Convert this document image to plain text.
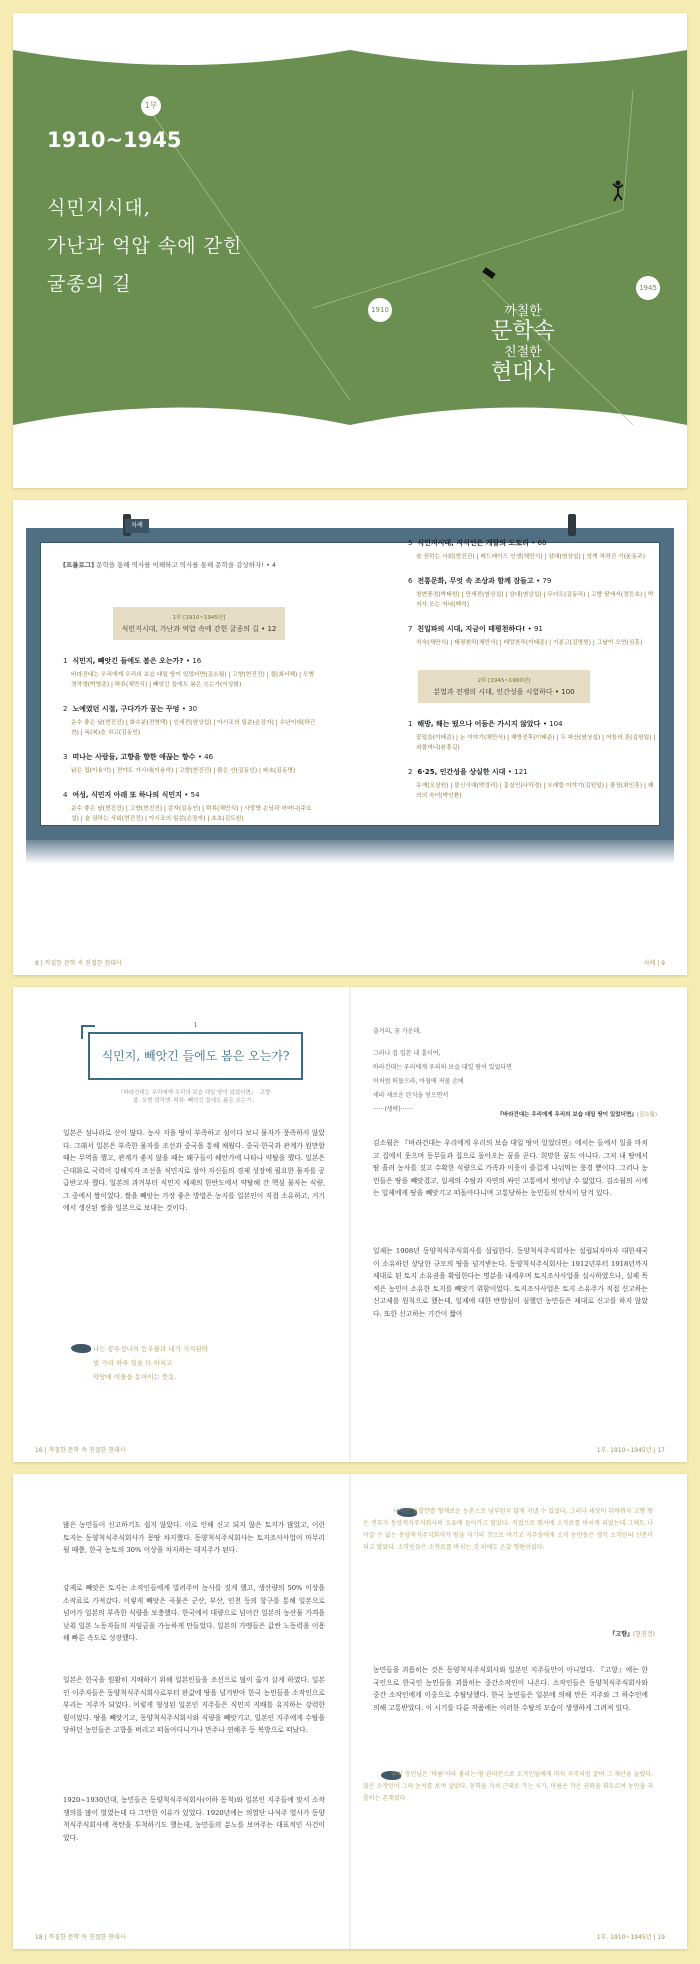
1부
1910~1945
식민지시대,
가난과 억압 속에 갇힌
굴종의 길
1910
1945
까칠한
문학속
친절한
현대사
차례
[프롤로그] 문학을 통해 역사를 이해하고 역사를 통해 문학을 감상하자! • 4
1부 [1910~1945년]
식민지시대, 가난과 억압 속에 갇힌 굴종의 길 • 12
1 식민지, 빼앗긴 들에도 봄은 오는가? • 16
바라건대는 우리에게 우리의 보습 대일 땅이 있었더면(김소월) | 고향(현진건) | 불(최서해) | 모범 경작생(박영준) | 탁류(채만식) | 빼앗긴 들에도 봄은 오는가(이상화)
2 노예였던 시절, 구다가가 꿈는 꾸엉 • 30
운수 좋은 날(현진건) | 화수분(전영택) | 인세전(염상섭) | 아시조의 일쑨(손장자) | 수난이대(하근찬) | 독(복)을 치고(김동인)
3 떠나는 사람들, 고향을 향한 애끊는 향수 • 46
낡은 집(이용악) | 전야도 가시내(이용악) | 고향(현진건) | 붉은 산(김동인) | 파초(김동명)
4 여성, 식민지 아래 또 하나의 식민지 • 54
운수 좋은 날(현진건) | 고향(현진건) | 감자(김동인) | 탁류(채만식) | 사랑방 손님과 어머니(주요섭) | 술 권하는 사회(현진건) | 아시조의 일쑨(손장자) | 초초(김도원)
5 식민지시대, 지식인은 개발의 도토리 • 66
술 권하는 사회(현진건) | 레드메이드 인생(채만식) | 삼대(염상섭) | 성게 차려진 시(윤동주)
6 전통문화, 무엇 속 조상과 함께 잠들고 • 79
천변풍경(박태원) | 만세전(염상섭) | 삼대(염상섭) | 무녀도(김동리) | 고향 팥에서(정등호) | 박지사 오는 저녁(백석)
7 친일파의 시대, 지금이 태평천하다! • 91
치숙(채만식) | 태평천하(채만식) | 레망찬투(이태준) | 거분고(김명원) | 그날이 오면(심훈)
2부 [1945~1960년]
분열과 전쟁의 시대, 인간성을 시험하다 • 100
1 해방, 해는 떴으나 어둠은 가시지 않았다 • 104
꽃잎을(이태준) | 논 이야기(채만식) | 해방전후(이태준) | 두 파산(염상섭) | 어둠의 혼(김원일) | 외할머니(윤흥길)
2 6·25, 인간성을 상실한 시대 • 121
유예(오상원) | 불신시대(박경리) | 흉실인(나하경) | 오래뜰 이야기(김원일) | 광장(최인훈) | 쾌의의 숙녀(박인환)
8 | 까칠한 문학 속 친절한 현대사	차례 | 9
1
식민지, 빼앗긴 들에도 봄은 오는가?
『바라건대는 우리에게 우리의 보습 대일 땅이 있었더면』 ·고향· 불· 모범 경작생· 탁류· 빼앗긴 들에도 봄은 오는가」
일본은 섬나라로 산이 많다. 농사 지을 땅이 부족하고 섬이다 보니 물자가 풍족하지 않았다. 그래서 일본은 부족한 물자를 조선과 중국을 통해 채웠다. 중국·한국과 관계가 원만할 때는 무역을 했고, 관계가 좋지 않을 때는 왜구들이 해안가에 나타나 약탈을 했다. 일본은 근대화로 국력이 강해지자 조선을 식민지로 삼아 자신들의 경제 성장에 필요한 물자를 공급받고자 했다. 일본의 과거부터 식민지 체제의 한반도에서 약탈해 간 핵심 물자는 식량, 그 중에서 쌀이었다. 쌀을 빼앗는 가장 좋은 방법은 농지를 일본인이 직접 소유하고, 거기에서 생산된 쌀을 일본으로 보내는 것이다.
나는 몽우정나의 등우물과 내가 거지된와
빌 가리 하루 일을 다 하지고
약땅에 여물을 동아이는 뜻동.
출거리, 꿈 가운데.
그러나 집 일본 내 홈이여,
바라건대는 우리에게 우리의 보습 대일 땅이 있었다면
이처럼 떠돌으라, 아침에 저물 손에
새라 새로운 탄식을 얻으면서
······(생략)······
『바라건대는 우리에게 우리의 보습 대일 땅이 있었더면』(김소월)
김소월은 『바라건대는 우리에게 우리의 보습 대일 땅이 있었더면』에서는 들에서 일을 마치고 집에서 웃으며 동무들과 집으로 돌아오는 꿈을 꾼다. 희망한 꿈도 아니다. 그저 내 땅에서 땀 흘려 농사를 짓고 수확한 식량으로 가족과 이웃이 즐겁게 나눠먹는 풍경 뿐이다. 그러나 농민들은 땅을 빼앗겼고, 일제의 수탈과 자연의 싸인 고통에서 벗어날 수 없었다. 김소월의 시에는 일제에게 땅을 빼앗기고 떠돌아다니며 고통당하는 농민들의 탄식이 담겨 있다.
일제는 1908년 동양척식주식회사를 설립한다. 동양척식주식회사는 설립되자마자 대한제국이 소유하던 상당한 규모의 땅을 넘겨받는다. 동양척식주식회사는 1912년부터 1918년까지 제대로 된 토지 소유권을 확립한다는 명분을 내세우며 토지조사사업을 실시하였으나, 실제 목적은 농민이 소유한 토지를 빼앗기 위함이었다. 토지조사사업은 토지 소유주가 직접 신고하는 신고제를 원칙으로 했는데, 일제에 대한 반발심이 심했던 농민들은 제대로 신고를 하지 않았다. 또한 신고하는 기간이 짧아
16 | 까칠한 문학 속 친절한 현대사	1부. 1910~1945년 | 17
많은 농민들이 신고하기도 쉽지 않았다. 이로 인해 신고 되지 않은 토지가 많았고, 이런 토지는 동양척식주식회사가 몽땅 차지했다. 동양척식주식회사는 토지조사사업이 마무리 될 때쯤, 한국 농토의 30% 이상을 차지하는 대지주가 된다.
강제로 빼앗은 토지는 소작인들에게 빌려주어 농사를 짓게 했고, 생산량의 50% 이상을 소작료로 가져갔다. 이렇게 빼앗은 곡물은 군산, 부산, 인천 등의 항구를 통해 일본으로 넘어가 일본의 부족한 식량을 보충했다. 한국에서 대량으로 넘어간 일본의 농산물 가격을 낮춰 일본 노동자들의 저임금을 가능하게 만들었다. 일본의 가맹들은 값싼 노동력을 이용해 빠른 속도로 성장했다.
일본은 한국을 원활히 지배하기 위해 일본인들을 조선으로 많이 옮겨 살게 하였다. 일본인 이주자들은 동양척식주식회사로부터 판값에 땅을 넘겨받아 한국 농민들을 소작인으로 부리는 지주가 되었다. 이렇게 형성된 일본인 지주들은 식민지 지배를 유지하는 강력한 힘이었다. 땅을 빼앗기고, 동양척식주식회사와 식량을 빼앗기고, 일본인 지주에게 수탈을 당하던 농민들은 고향을 버리고 떠돌아다니거나 만주나 연해주 등 북방으로 떠났다.
1920~1930년대, 농민들은 동양척식주식회사(이하 동척)와 일본인 지주들에 맞서 소작쟁의를 많이 벌였는데 다 그만한 이유가 있었다. 1920년에는 의열단 나석주 열사가 동양척식주식회사에 폭탄을 투척하기도 했는데, 농민들의 분노를 보여주는 대표적인 사건이었다.
낙이는 옷할깐밥 형제로운 농촌으로 남부린치 않게 지낼 수 있었다. 그러나 세상이 뒤바뀌자 고향 땅은 전부가 동양척식주식회사의 소유에 들어가고 말았다. 직접으로 회사에 소작료를 바치게 되었는데 그해도 나아갈 수 없는 동양척식주식회사가 땅을 자기의 것으로 여기고 지주들에게 소작 농민들은 생각 소작인의 신분이 되고 말았다. 소작인들은 소작료를 바치는 것 외에도 온갖 형편이었다.
『고향』(현진건)
농민들을 괴롭히는 것은 동양척식주식회사와 일본인 지주들만이 아니었다. 『고향』에는 한국인으로 한국인 농민들을 괴롭히는 중간소작인이 나온다. 소작인들은 동양척식주식회사와 중간 소작인에게 이중으로 수탈당했다. 한국 농민들은 일본에 의해 만든 지주와 그 하수인에 의해 고통받았다. 이 시기를 다룬 작품에는 이러한 수탈의 모습이 생생하게 그려져 있다.
우리 장인님은 '마름'이라 불리는 땅 관리인으로 소작인들에게 마치 지주처럼 굴며 그 재산을 늘렸다. 많은 소작인이 그의 눈치를 보며 살았다. 동학을 거쳐 근대로 가는 시기, 마름은 작은 권력을 휘두르며 농민을 괴롭히는 존재였다.
18 | 까칠한 문학 속 친절한 현대사	1부. 1910~1945년 | 19
